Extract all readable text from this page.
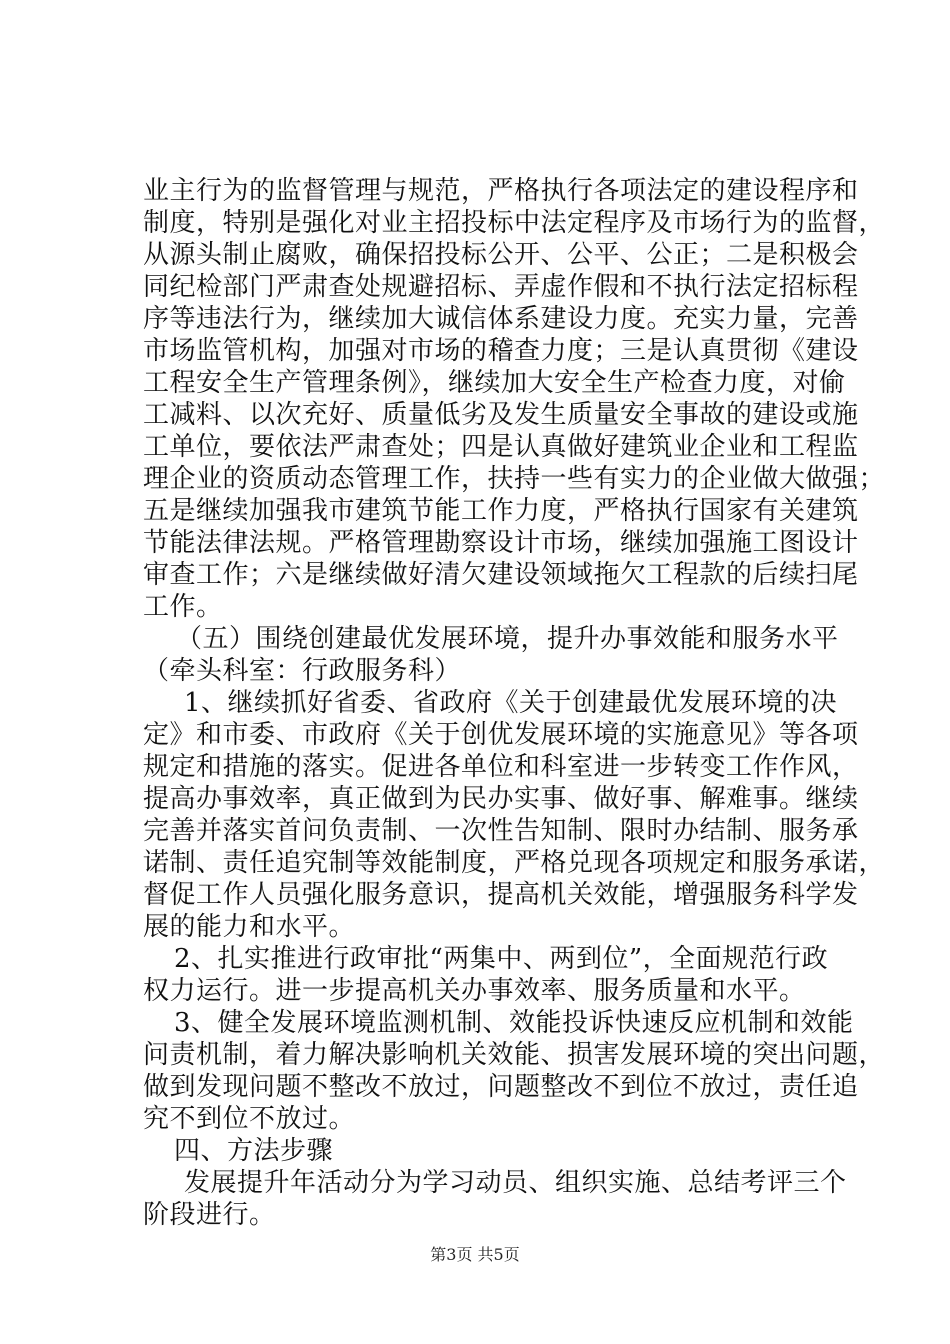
业主行为的监督管理与规范，严格执行各项法定的建设程序和
制度，特别是强化对业主招投标中法定程序及市场行为的监督，
从源头制止腐败，确保招投标公开、公平、公正；二是积极会
同纪检部门严肃查处规避招标、弄虚作假和不执行法定招标程
序等违法行为，继续加大诚信体系建设力度。充实力量，完善
市场监管机构，加强对市场的稽查力度；三是认真贯彻《建设
工程安全生产管理条例》，继续加大安全生产检查力度，对偷
工减料、以次充好、质量低劣及发生质量安全事故的建设或施
工单位，要依法严肃查处；四是认真做好建筑业企业和工程监
理企业的资质动态管理工作，扶持一些有实力的企业做大做强；
五是继续加强我市建筑节能工作力度，严格执行国家有关建筑
节能法律法规。严格管理勘察设计市场，继续加强施工图设计
审查工作；六是继续做好清欠建设领域拖欠工程款的后续扫尾
工作。
（五）围绕创建最优发展环境，提升办事效能和服务水平
（牵头科室：行政服务科）
1、继续抓好省委、省政府《关于创建最优发展环境的决
定》和市委、市政府《关于创优发展环境的实施意见》等各项
规定和措施的落实。促进各单位和科室进一步转变工作作风，
提高办事效率，真正做到为民办实事、做好事、解难事。继续
完善并落实首问负责制、一次性告知制、限时办结制、服务承
诺制、责任追究制等效能制度，严格兑现各项规定和服务承诺，
督促工作人员强化服务意识，提高机关效能，增强服务科学发
展的能力和水平。
2、扎实推进行政审批“两集中、两到位”，全面规范行政
权力运行。进一步提高机关办事效率、服务质量和水平。
3、健全发展环境监测机制、效能投诉快速反应机制和效能
问责机制，着力解决影响机关效能、损害发展环境的突出问题，
做到发现问题不整改不放过，问题整改不到位不放过，责任追
究不到位不放过。
四、方法步骤
发展提升年活动分为学习动员、组织实施、总结考评三个
阶段进行。
第3页 共5页
